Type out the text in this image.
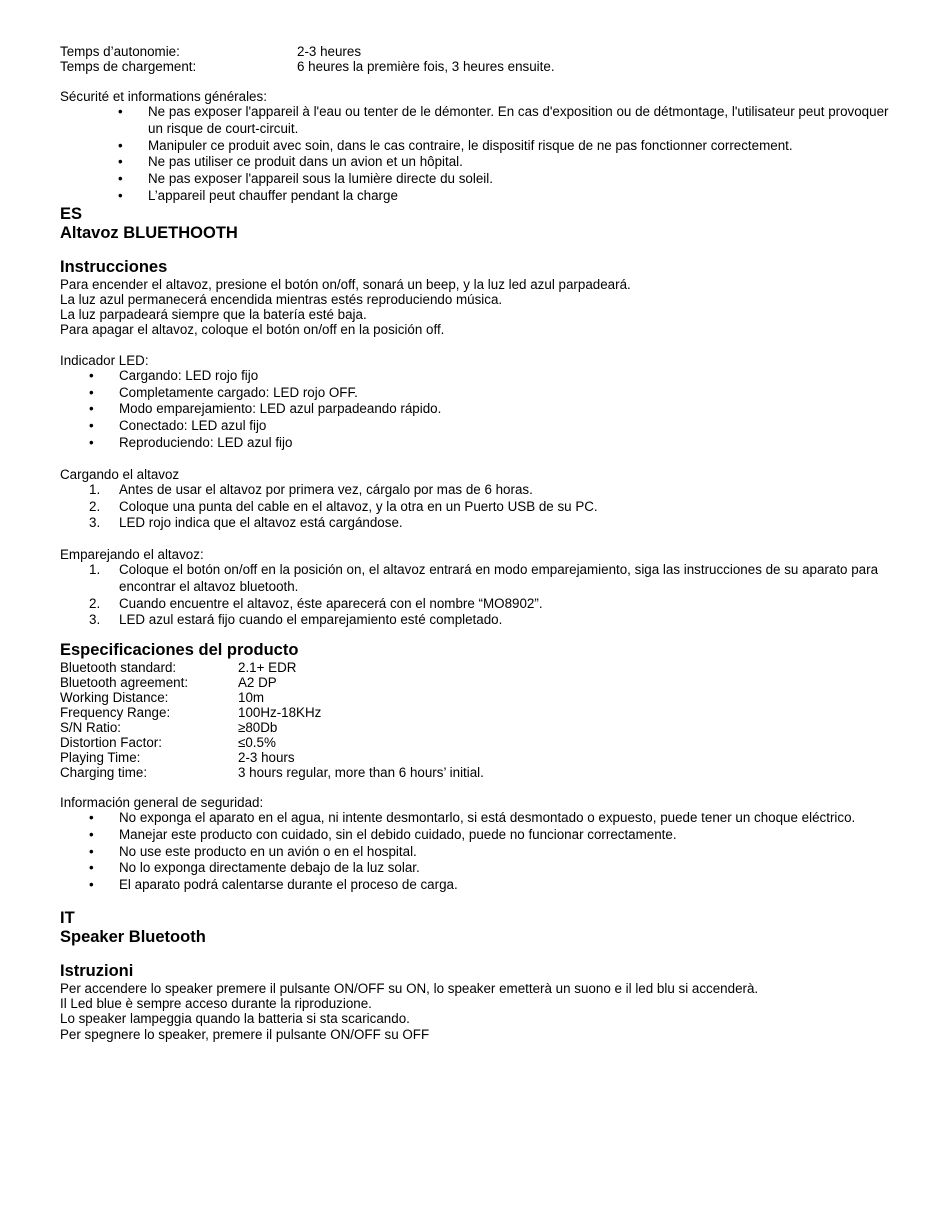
Temps d’autonomie:	2-3 heures
Temps de chargement:	6 heures la première fois, 3 heures ensuite.

Sécurité et informations générales:

• Ne pas exposer l'appareil à l'eau ou tenter de le démonter. En cas d'exposition ou de détmontage, l'utilisateur peut provoquer un risque de court-circuit.
• Manipuler ce produit avec soin, dans le cas contraire, le dispositif risque de ne pas fonctionner correctement.
• Ne pas utiliser ce produit dans un avion et un hôpital.
• Ne pas exposer l'appareil sous la lumière directe du soleil.
• L’appareil peut chauffer pendant la charge

ES

Altavoz BLUETHOOTH

Instrucciones

Para encender el altavoz, presione el botón on/off, sonará un beep, y la luz led azul parpadeará.

La luz azul permanecerá encendida mientras estés reproduciendo música.

La luz parpadeará siempre que la batería esté baja.

Para apagar el altavoz, coloque el botón on/off en la posición off.

Indicador LED:

• Cargando: LED rojo fijo
• Completamente cargado: LED rojo OFF.
• Modo emparejamiento: LED azul parpadeando rápido.
• Conectado: LED azul fijo
• Reproduciendo: LED azul fijo

Cargando el altavoz

1. Antes de usar el altavoz por primera vez, cárgalo por mas de 6 horas.
2. Coloque una punta del cable en el altavoz, y la otra en un Puerto USB de su PC.
3. LED rojo indica que el altavoz está cargándose.

Emparejando el altavoz:

1. Coloque el botón on/off en la posición on, el altavoz entrará en modo emparejamiento, siga las instrucciones de su aparato para encontrar el altavoz bluetooth.
2. Cuando encuentre el altavoz, éste aparecerá con el nombre “MO8902”.
3. LED azul estará fijo cuando el emparejamiento esté completado.

Especificaciones del producto

Bluetooth standard:	2.1+ EDR
Bluetooth agreement:	A2 DP
Working Distance:	10m
Frequency Range:	100Hz-18KHz
S/N Ratio:	≥80Db
Distortion Factor:	≤0.5%
Playing Time:	2-3 hours
Charging time:	3 hours regular, more than 6 hours’ initial.

Información general de seguridad:

• No exponga el aparato en el agua, ni intente desmontarlo, si está desmontado o expuesto, puede tener un choque eléctrico.
• Manejar este producto con cuidado, sin el debido cuidado, puede no funcionar correctamente.
• No use este producto en un avión o en el hospital.
• No lo exponga directamente debajo de la luz solar.
• El aparato podrá calentarse durante el proceso de carga.

IT

Speaker Bluetooth

Istruzioni

Per accendere lo speaker premere il pulsante ON/OFF su ON, lo speaker emetterà un suono e il led blu si accenderà.

Il Led blue è sempre acceso durante la riproduzione.

Lo speaker lampeggia quando la batteria si sta scaricando.

Per spegnere lo speaker, premere il pulsante ON/OFF su OFF
